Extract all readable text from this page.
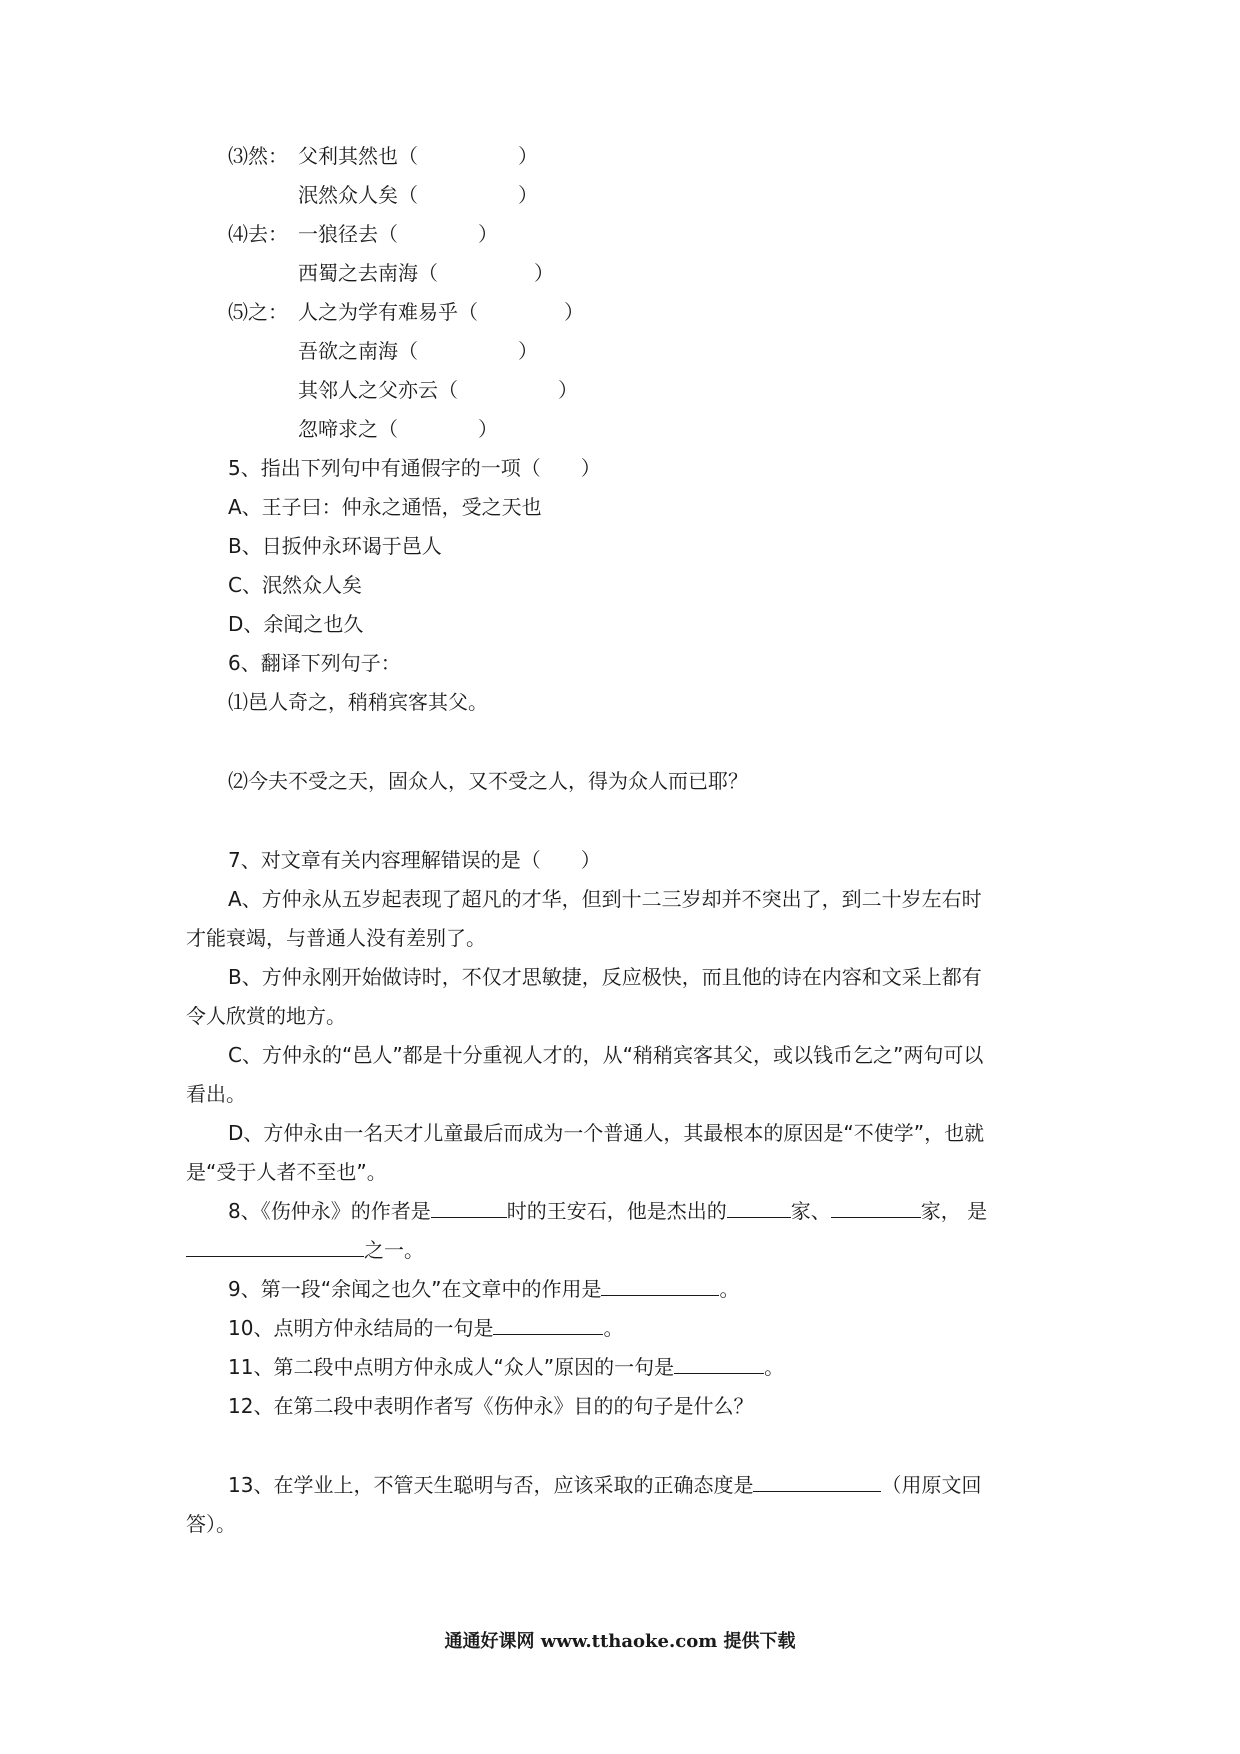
⑶然： 父利其然也（	）
泯然众人矣（	）
⑷去： 一狼径去（	）
西蜀之去南海（	）
⑸之： 人之为学有难易乎（	）
吾欲之南海（	）
其邻人之父亦云（	）
忽啼求之（	）
5、指出下列句中有通假字的一项（　　）
A、王子曰：仲永之通悟，受之天也
B、日扳仲永环谒于邑人
C、泯然众人矣
D、余闻之也久
6、翻译下列句子：
⑴邑人奇之，稍稍宾客其父。
⑵今夫不受之天，固众人，又不受之人，得为众人而已耶？
7、对文章有关内容理解错误的是（　　）
A、方仲永从五岁起表现了超凡的才华，但到十二三岁却并不突出了，到二十岁左右时
才能衰竭，与普通人没有差别了。
B、方仲永刚开始做诗时，不仅才思敏捷，反应极快，而且他的诗在内容和文采上都有
令人欣赏的地方。
C、方仲永的“邑人”都是十分重视人才的，从“稍稍宾客其父，或以钱币乞之”两句可以
看出。
D、方仲永由一名天才儿童最后而成为一个普通人，其最根本的原因是“不使学”，也就
是“受于人者不至也”。
8、《伤仲永》的作者是	时的王安石，他是杰出的	家、	家， 是
之一。
9、第一段“余闻之也久”在文章中的作用是	。
10、点明方仲永结局的一句是	。
11、第二段中点明方仲永成人“众人”原因的一句是	。
12、在第二段中表明作者写《伤仲永》目的的句子是什么？
13、在学业上，不管天生聪明与否，应该采取的正确态度是	（用原文回
答）。
通通好课网 www.tthaoke.com 提供下载
